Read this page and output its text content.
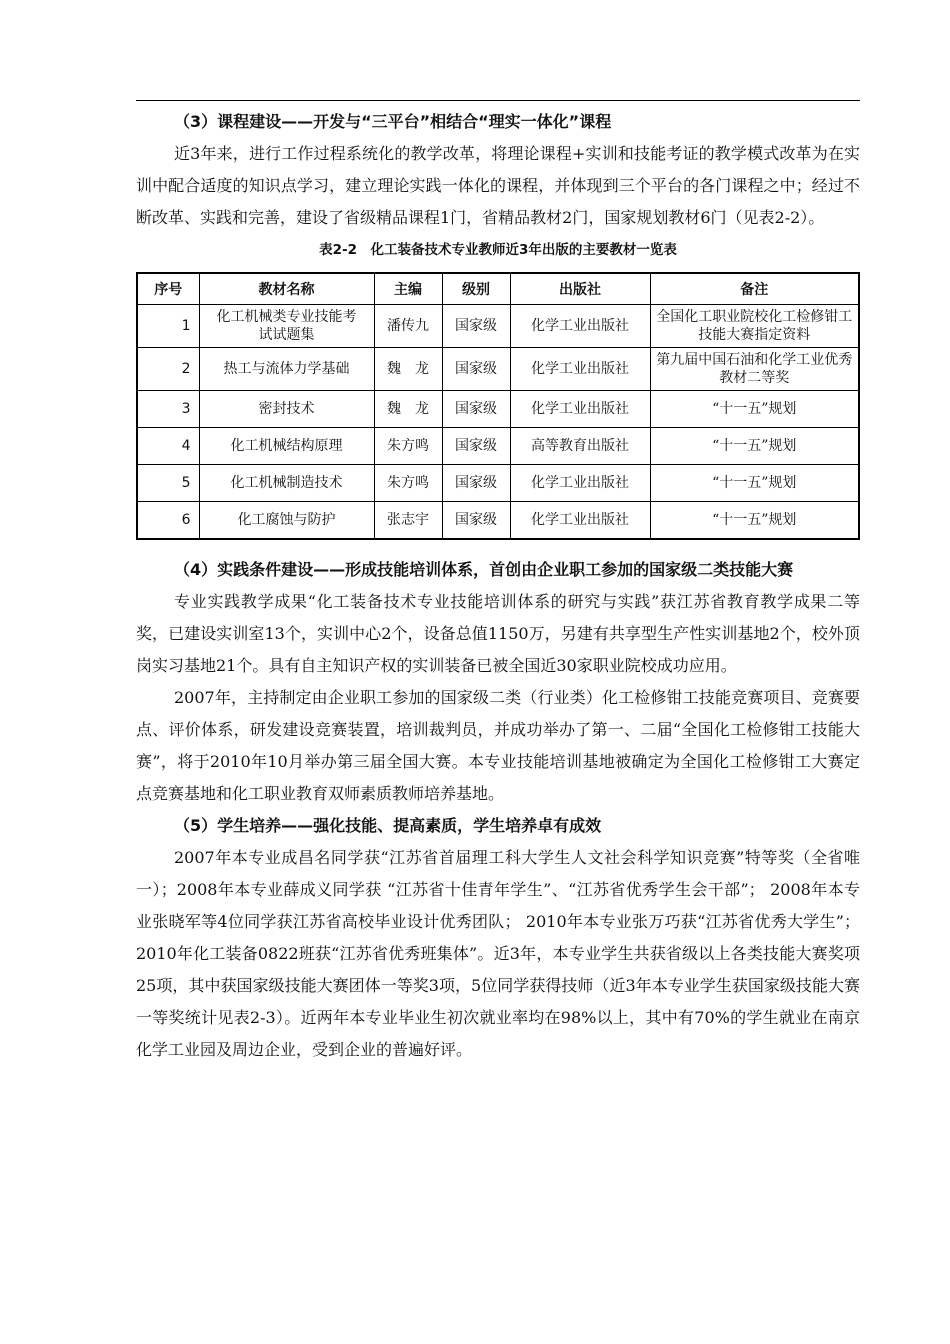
（3）课程建设——开发与“三平台”相结合“理实一体化”课程

近3年来，进行工作过程系统化的教学改革，将理论课程+实训和技能考证的教学模式改革为在实训中配合适度的知识点学习，建立理论实践一体化的课程，并体现到三个平台的各门课程之中；经过不断改革、实践和完善，建设了省级精品课程1门，省精品教材2门，国家规划教材6门（见表2-2）。

表2-2　化工装备技术专业教师近3年出版的主要教材一览表
序号	教材名称	主编	级别	出版社	备注
1	化工机械类专业技能考试试题集	潘传九	国家级	化学工业出版社	全国化工职业院校化工检修钳工技能大赛指定资料
2	热工与流体力学基础	魏　龙	国家级	化学工业出版社	第九届中国石油和化学工业优秀教材二等奖
3	密封技术	魏　龙	国家级	化学工业出版社	“十一五”规划
4	化工机械结构原理	朱方鸣	国家级	高等教育出版社	“十一五”规划
5	化工机械制造技术	朱方鸣	国家级	化学工业出版社	“十一五”规划
6	化工腐蚀与防护	张志宇	国家级	化学工业出版社	“十一五”规划

（4）实践条件建设——形成技能培训体系，首创由企业职工参加的国家级二类技能大赛

专业实践教学成果“化工装备技术专业技能培训体系的研究与实践”获江苏省教育教学成果二等奖，已建设实训室13个，实训中心2个，设备总值1150万，另建有共享型生产性实训基地2个，校外顶岗实习基地21个。具有自主知识产权的实训装备已被全国近30家职业院校成功应用。

2007年，主持制定由企业职工参加的国家级二类（行业类）化工检修钳工技能竞赛项目、竞赛要点、评价体系，研发建设竞赛装置，培训裁判员，并成功举办了第一、二届“全国化工检修钳工技能大赛”，将于2010年10月举办第三届全国大赛。本专业技能培训基地被确定为全国化工检修钳工大赛定点竞赛基地和化工职业教育双师素质教师培养基地。

（5）学生培养——强化技能、提高素质，学生培养卓有成效

2007年本专业成昌名同学获“江苏省首届理工科大学生人文社会科学知识竞赛”特等奖（全省唯一）；2008年本专业薛成义同学获 “江苏省十佳青年学生”、“江苏省优秀学生会干部”； 2008年本专业张晓军等4位同学获江苏省高校毕业设计优秀团队； 2010年本专业张万巧获“江苏省优秀大学生”；2010年化工装备0822班获“江苏省优秀班集体”。近3年，本专业学生共获省级以上各类技能大赛奖项25项，其中获国家级技能大赛团体一等奖3项，5位同学获得技师（近3年本专业学生获国家级技能大赛一等奖统计见表2-3）。近两年本专业毕业生初次就业率均在98%以上，其中有70%的学生就业在南京化学工业园及周边企业，受到企业的普遍好评。
